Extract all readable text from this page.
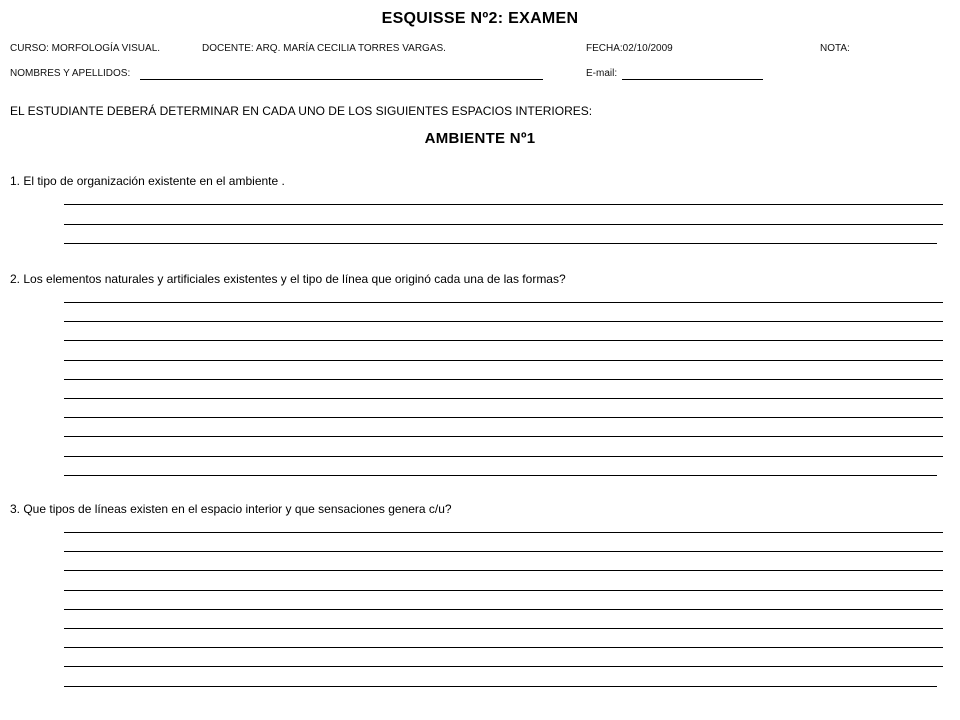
ESQUISSE Nº2: EXAMEN
CURSO: MORFOLOGÍA VISUAL.	DOCENTE: ARQ. MARÍA CECILIA TORRES VARGAS.	FECHA:02/10/2009	NOTA:
NOMBRES Y APELLIDOS:	E-mail:
EL ESTUDIANTE DEBERÁ DETERMINAR EN CADA UNO DE LOS SIGUIENTES ESPACIOS INTERIORES:
AMBIENTE Nº1
1. El tipo de organización existente en el ambiente .
2. Los elementos naturales y artificiales existentes y el tipo de línea que originó cada una de las formas?
3. Que tipos de líneas existen en el espacio interior y que sensaciones genera c/u?
